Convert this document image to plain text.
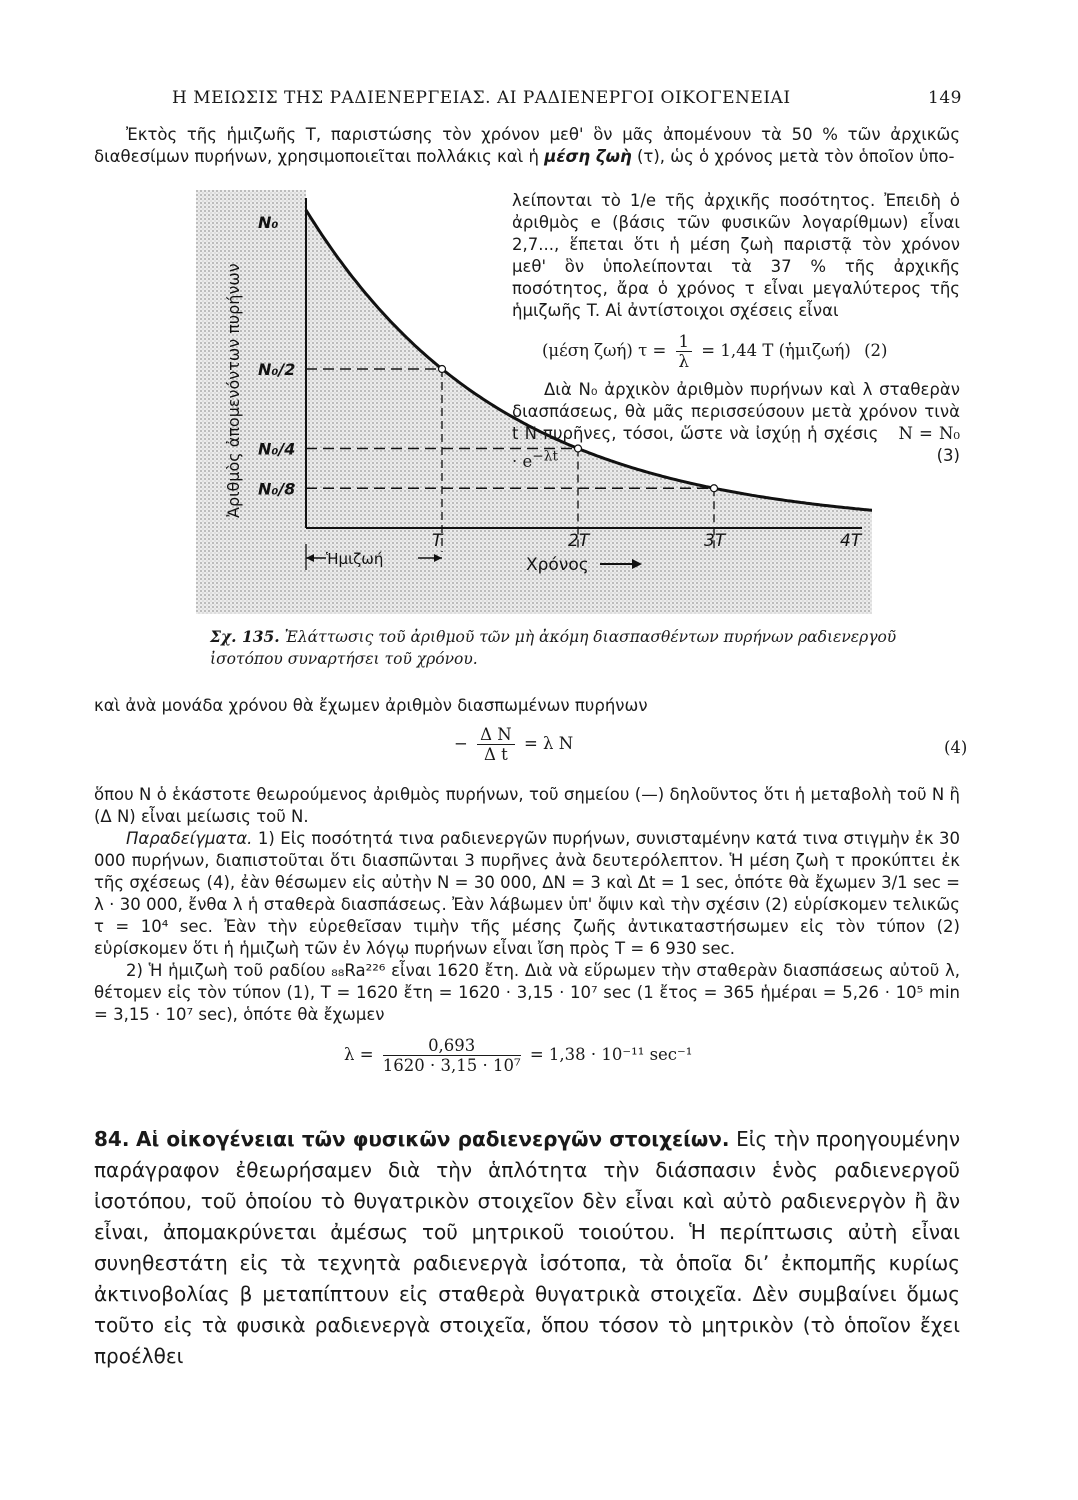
Η ΜΕΙΩΣΙΣ ΤΗΣ ΡΑΔΙΕΝΕΡΓΕΙΑΣ. ΑΙ ΡΑΔΙΕΝΕΡΓΟΙ ΟΙΚΟΓΕΝΕΙΑΙ	149

Ἐκτὸς τῆς ἡμιζωῆς T, παριστώσης τὸν χρόνον μεθ' ὃν μᾶς ἀπομένουν τὰ 50 % τῶν ἀρχικῶς διαθεσίμων πυρήνων, χρησιμοποιεῖται πολλάκις καὶ ἡ μέση ζωὴ (τ), ὡς ὁ χρόνος μετὰ τὸν ὁποῖον ὑπο-

N₀
N₀/2
N₀/4
N₀/8
T	2T	3T	4T
Χρόνος
Ἡμιζωή
Ἀριθμὸς ἀπομενόντων πυρήνων

λείπονται τὸ 1/e τῆς ἀρχικῆς ποσότητος. Ἐπειδὴ ὁ ἀριθμὸς e (βάσις τῶν φυσικῶν λογαρίθμων) εἶναι 2,7..., ἕπεται ὅτι ἡ μέση ζωὴ παριστᾷ τὸν χρόνον μεθ' ὃν ὑπολείπονται τὰ 37 % τῆς ἀρχικῆς ποσότητος, ἄρα ὁ χρόνος τ εἶναι μεγαλύτερος τῆς ἡμιζωῆς T. Αἱ ἀντίστοιχοι σχέσεις εἶναι

(μέση ζωή) $\tau = \frac{1}{\lambda} = 1,44$ T (ἡμιζωή) (2)

Διὰ N₀ ἀρχικὸν ἀριθμὸν πυρήνων καὶ λ σταθερὰν διασπάσεως, θὰ μᾶς περισσεύσουν μετὰ χρόνον τινὰ t N πυρῆνες, τόσοι, ὥστε νὰ ἰσχύῃ ἡ σχέσις $N = N_0 \cdot e^{-\lambda t}$	(3)

Σχ. 135. Ἐλάττωσις τοῦ ἀριθμοῦ τῶν μὴ ἀκόμη διασπασθέντων πυρήνων ραδιενεργοῦ ἰσοτόπου συναρτήσει τοῦ χρόνου.

καὶ ἀνὰ μονάδα χρόνου θὰ ἔχωμεν ἀριθμὸν διασπωμένων πυρήνων

− $\frac{\text{Δ N}}{\text{Δ t}} = \lambda$ N	(4)

ὅπου N ὁ ἑκάστοτε θεωρούμενος ἀριθμὸς πυρήνων, τοῦ σημείου (—) δηλοῦντος ὅτι ἡ μεταβολὴ τοῦ N ἢ (Δ N) εἶναι μείωσις τοῦ N.

Παραδείγματα. 1) Εἰς ποσότητά τινα ραδιενεργῶν πυρήνων, συνισταμένην κατά τινα στιγμὴν ἐκ 30 000 πυρήνων, διαπιστοῦται ὅτι διασπῶνται 3 πυρῆνες ἀνὰ δευτερόλεπτον. Ἡ μέση ζωὴ τ προκύπτει ἐκ τῆς σχέσεως (4), ἐὰν θέσωμεν εἰς αὐτὴν N = 30 000, ΔN = 3 καὶ Δt = 1 sec, ὁπότε θὰ ἔχωμεν 3/1 sec = λ · 30 000, ἔνθα λ ἡ σταθερὰ διασπάσεως. Ἐὰν λάβωμεν ὑπ' ὄψιν καὶ τὴν σχέσιν (2) εὑρίσκομεν τελικῶς τ = 10⁴ sec. Ἐὰν τὴν εὑρεθεῖσαν τιμὴν τῆς μέσης ζωῆς ἀντικαταστήσωμεν εἰς τὸν τύπον (2) εὑρίσκομεν ὅτι ἡ ἡμιζωὴ τῶν ἐν λόγῳ πυρήνων εἶναι ἴση πρὸς T = 6 930 sec.

2) Ἡ ἡμιζωὴ τοῦ ραδίου ₈₈Ra²²⁶ εἶναι 1620 ἔτη. Διὰ νὰ εὕρωμεν τὴν σταθερὰν διασπάσεως αὐτοῦ λ, θέτομεν εἰς τὸν τύπον (1), T = 1620 ἔτη = 1620 · 3,15 · 10⁷ sec (1 ἔτος = 365 ἡμέραι = 5,26 · 10⁵ min = 3,15 · 10⁷ sec), ὁπότε θὰ ἔχωμεν

$\lambda = \frac{0,693}{\text{1620 · 3,15 · 10⁷}} = 1,38 \cdot 10^{-11}$ sec⁻¹
84. Αἱ οἰκογένειαι τῶν φυσικῶν ραδιενεργῶν στοιχείων. Εἰς τὴν προηγουμένην παράγραφον ἐθεωρήσαμεν διὰ τὴν ἁπλότητα τὴν διάσπασιν ἑνὸς ραδιενεργοῦ ἰσοτόπου, τοῦ ὁποίου τὸ θυγατρικὸν στοιχεῖον δὲν εἶναι καὶ αὐτὸ ραδιενεργὸν ἢ ἂν εἶναι, ἀπομακρύνεται ἀμέσως τοῦ μητρικοῦ τοιούτου. Ἡ περίπτωσις αὐτὴ εἶναι συνηθεστάτη εἰς τὰ τεχνητὰ ραδιενεργὰ ἰσότοπα, τὰ ὁποῖα διʼ ἐκπομπῆς κυρίως ἀκτινοβολίας β μεταπίπτουν εἰς σταθερὰ θυγατρικὰ στοιχεῖα. Δὲν συμβαίνει ὅμως τοῦτο εἰς τὰ φυσικὰ ραδιενεργὰ στοιχεῖα, ὅπου τόσον τὸ μητρικὸν (τὸ ὁποῖον ἔχει προέλθει
